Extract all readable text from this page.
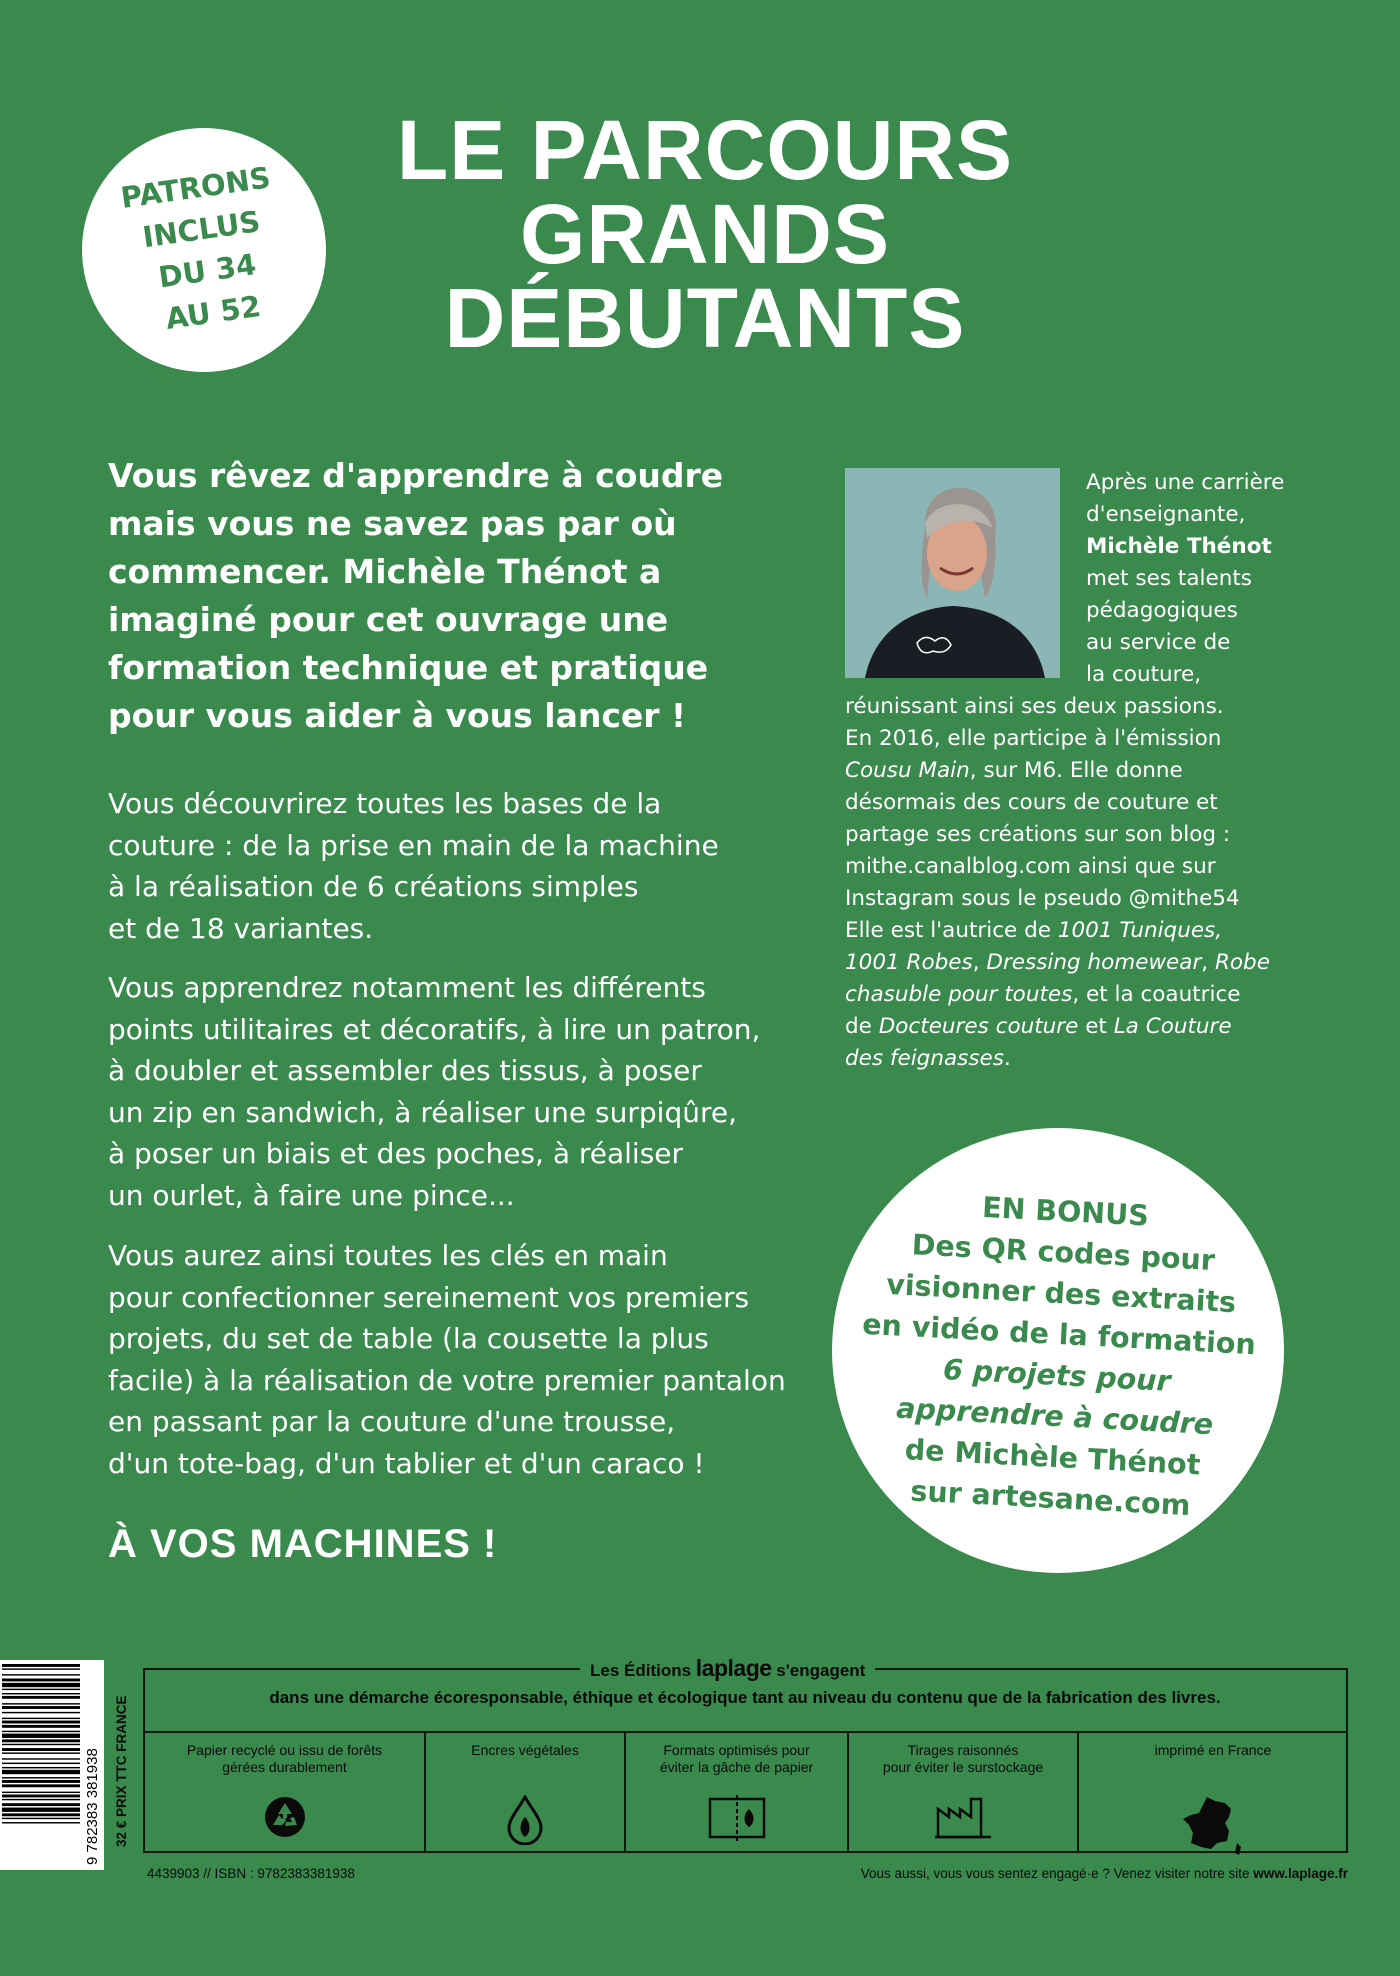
PATRONS
INCLUS
DU 34
AU 52
LE PARCOURS
GRANDS
DÉBUTANTS
Vous rêvez d'apprendre à coudre
mais vous ne savez pas par où
commencer. Michèle Thénot a
imaginé pour cet ouvrage une
formation technique et pratique
pour vous aider à vous lancer !
Vous découvrirez toutes les bases de la
couture : de la prise en main de la machine
à la réalisation de 6 créations simples
et de 18 variantes.
Vous apprendrez notamment les différents
points utilitaires et décoratifs, à lire un patron,
à doubler et assembler des tissus, à poser
un zip en sandwich, à réaliser une surpiqûre,
à poser un biais et des poches, à réaliser
un ourlet, à faire une pince...
Vous aurez ainsi toutes les clés en main
pour confectionner sereinement vos premiers
projets, du set de table (la cousette la plus
facile) à la réalisation de votre premier pantalon
en passant par la couture d'une trousse,
d'un tote-bag, d'un tablier et d'un caraco !
À VOS MACHINES !
Après une carrière
d'enseignante,
Michèle Thénot
met ses talents
pédagogiques
au service de
la couture,
réunissant ainsi ses deux passions.
En 2016, elle participe à l'émission
Cousu Main, sur M6. Elle donne
désormais des cours de couture et
partage ses créations sur son blog :
mithe.canalblog.com ainsi que sur
Instagram sous le pseudo @mithe54
Elle est l'autrice de 1001 Tuniques,
1001 Robes, Dressing homewear, Robe
chasuble pour toutes, et la coautrice
de Docteures couture et La Couture
des feignasses.
EN BONUS
Des QR codes pour
visionner des extraits
en vidéo de la formation
6 projets pour
apprendre à coudre
de Michèle Thénot
sur artesane.com
9 782383 381938 32 € PRIX TTC FRANCE
Les Éditions laplage s'engagent
dans une démarche écoresponsable, éthique et écologique tant au niveau du contenu que de la fabrication des livres.
Papier recyclé ou issu de forêts
gérées durablement
Encres végétales	Formats optimisés pour
éviter la gâche de papier
Tirages raisonnés
pour éviter le surstockage
imprimé en France
4439903 // ISBN : 9782383381938	Vous aussi, vous vous sentez engagé·e ? Venez visiter notre site www.laplage.fr
